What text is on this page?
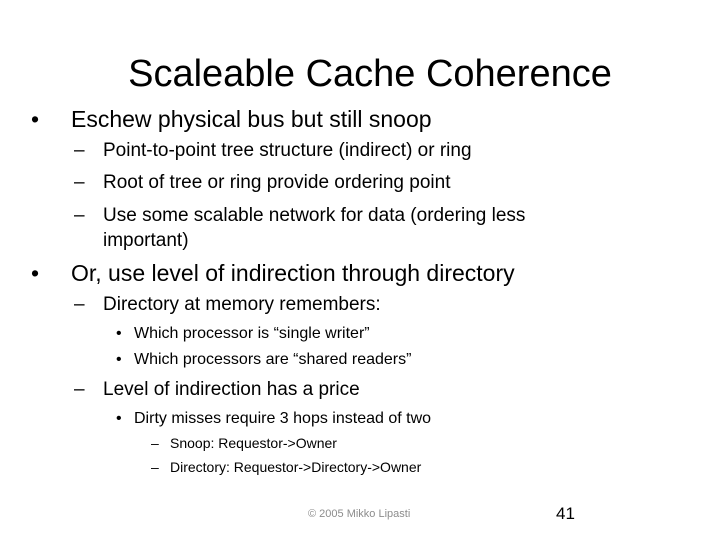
Scaleable Cache Coherence
• Eschew physical bus but still snoop
– Point-to-point tree structure (indirect) or ring
– Root of tree or ring provide ordering point
– Use some scalable network for data (ordering less
important)
• Or, use level of indirection through directory
– Directory at memory remembers:
• Which processor is “single writer”
• Which processors are “shared readers”
– Level of indirection has a price
• Dirty misses require 3 hops instead of two
– Snoop: Requestor->Owner
– Directory: Requestor->Directory->Owner
© 2005 Mikko Lipasti	41
